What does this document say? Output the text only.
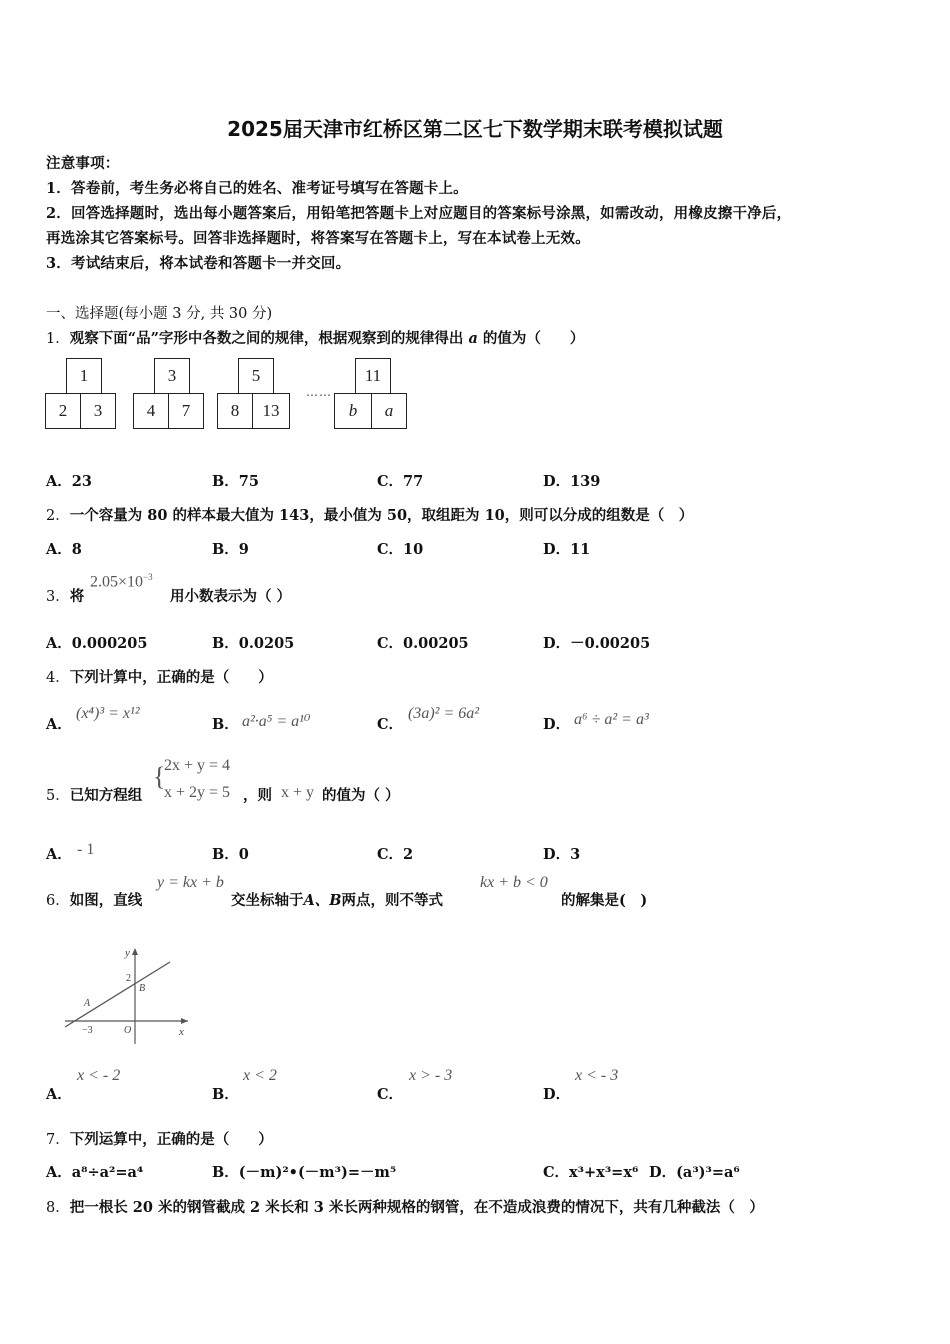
2025届天津市红桥区第二区七下数学期末联考模拟试题
注意事项：
1．答卷前，考生务必将自己的姓名、准考证号填写在答题卡上。
2．回答选择题时，选出每小题答案后，用铅笔把答题卡上对应题目的答案标号涂黑，如需改动，用橡皮擦干净后，
再选涂其它答案标号。回答非选择题时，将答案写在答题卡上，写在本试卷上无效。
3．考试结束后，将本试卷和答题卡一并交回。
一、选择题(每小题 3 分, 共 30 分)
1．观察下面“品”字形中各数之间的规律，根据观察到的规律得出 a 的值为（　　）
1
2	3
3
4	7
5
8	13
……
11
b	a
A．23	B．75	C．77	D．139
2．一个容量为 80 的样本最大值为 143，最小值为 50，取组距为 10，则可以分成的组数是（　）
A．8	B．9	C．10	D．11
3．将
$2.05\times 10^{-3}$
用小数表示为（ ）
A．0.000205	B．0.0205	C．0.00205	D．－0.00205
4．下列计算中，正确的是（　　）
A．
(x⁴)³ = x¹²
B． a²·a⁵ = a¹⁰	C．
(3a)² = 6a²
D． a⁶ ÷ a² = a³
5．已知方程组
{
2x + y = 4
x + 2y = 5 ，则 x + y 的值为（ ）
A． - 1	B．0	C．2	D．3
6．如图，直线
y = kx + b
交坐标轴于A、B两点，则不等式
kx + b < 0
的解集是(　)
y
x
2
B
A
−3	O
A．
x < - 2
B．
x < 2
C．
x > - 3
D．
x < - 3
7．下列运算中，正确的是（　　）
A．a⁸÷a²=a⁴	B．(－m)²•(－m³)=－m⁵	C．x³+x³=x⁶ D．(a³)³=a⁶
8．把一根长 20 米的钢管截成 2 米长和 3 米长两种规格的钢管，在不造成浪费的情况下，共有几种截法（　）
